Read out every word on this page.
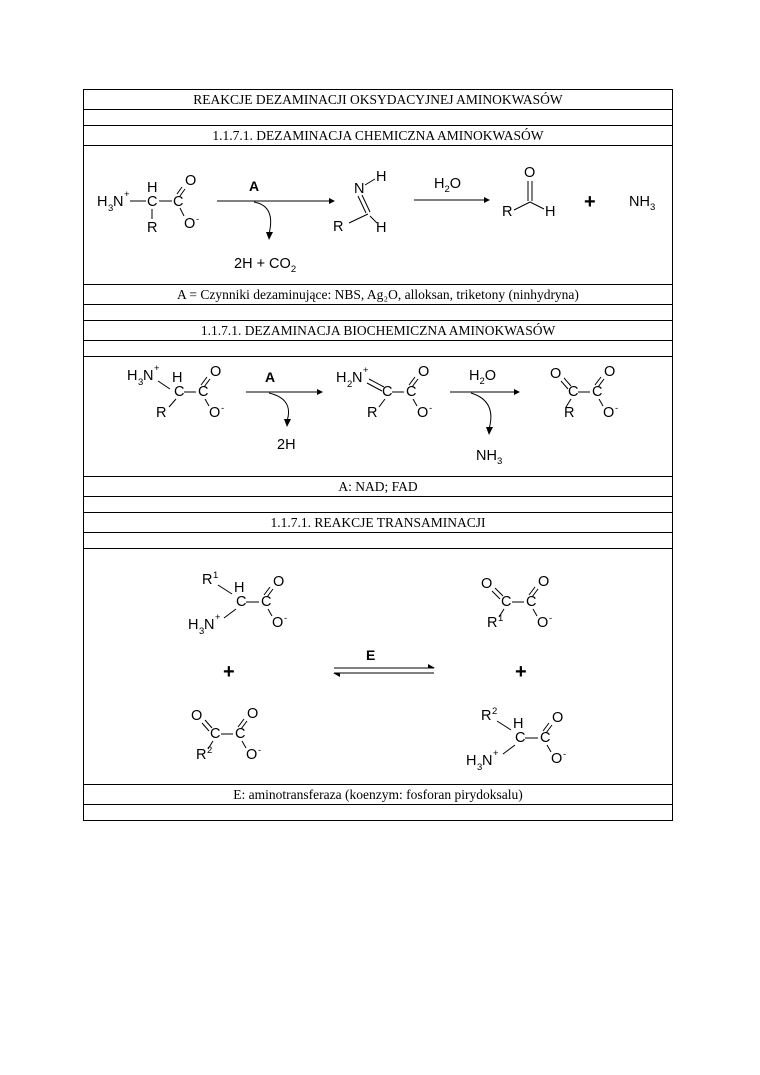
REAKCJE DEZAMINACJI OKSYDACYJNEJ AMINOKWASÓW

1.1.7.1. DEZAMINACJA CHEMICZNA AMINOKWASÓW

H 3 N + H
C
R
C
O
O -
A
$2H + CO_2$
N
H
R H
$H_2O$
O
R $H + NH_3$

A = Czynniki dezaminujące: NBS, Ag₂O, alloksan, triketony (ninhydryna)

1.1.7.1. DEZAMINACJA BIOCHEMICZNA AMINOKWASÓW

H 3 N +
H
C
R
C
O
O -
A
2H
H 2 N +
C
R
C
O
O -
$H_2O$
$NH_3$
O
C
R
C
O
O -

A: NAD; FAD

1.1.7.1. REAKCJE TRANSAMINACJI

R 1
H
C
H 3 N +
C
O
O -
+
O
C
R 2
C
O
O -
E
O
C
R 1
C
O
O -
+
R 2
H
C
H 3 N +
C
O
O -

E: aminotransferaza (koenzym: fosforan pirydoksalu)
